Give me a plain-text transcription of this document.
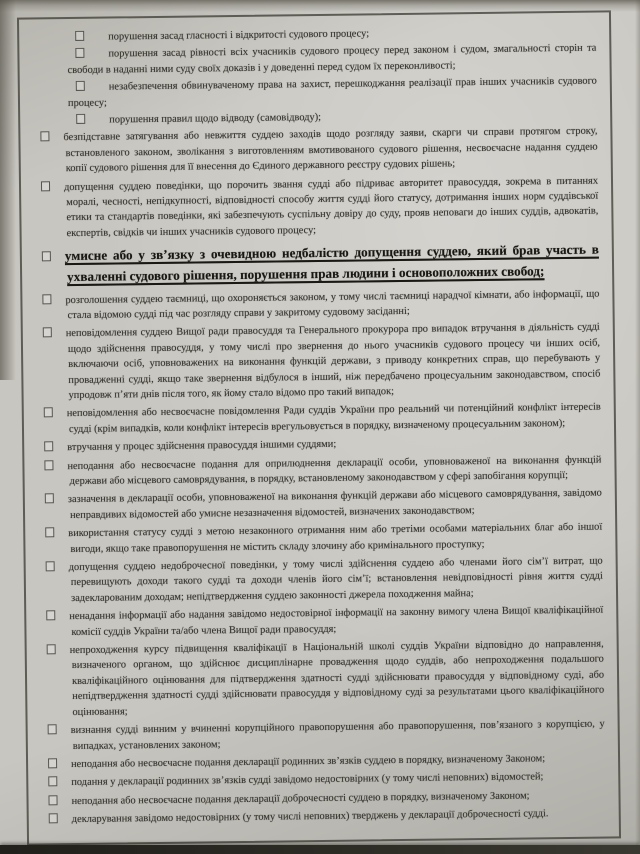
порушення засад гласності і відкритості судового процесу;
порушення засад рівності всіх учасників судового процесу перед законом і судом, змагальності сторін та свободи в наданні ними суду своїх доказів і у доведенні перед судом їх переконливості;
незабезпечення обвинуваченому права на захист, перешкоджання реалізації прав інших учасників судового процесу;
порушення правил щодо відводу (самовідводу);
безпідставне затягування або невжиття суддею заходів щодо розгляду заяви, скарги чи справи протягом строку, встановленого законом, зволікання з виготовленням вмотивованого судового рішення, несвоєчасне надання суддею копії судового рішення для її внесення до Єдиного державного реєстру судових рішень;
допущення суддею поведінки, що порочить звання судді або підриває авторитет правосуддя, зокрема в питаннях моралі, чесності, непідкупності, відповідності способу життя судді його статусу, дотримання інших норм суддівської етики та стандартів поведінки, які забезпечують суспільну довіру до суду, прояв неповаги до інших суддів, адвокатів, експертів, свідків чи інших учасників судового процесу;
умисне або у зв’язку з очевидною недбалістю допущення суддею, який брав участь в ухваленні судового рішення, порушення прав людини і основоположних свобод;
розголошення суддею таємниці, що охороняється законом, у тому числі таємниці нарадчої кімнати, або інформації, що стала відомою судді під час розгляду справи у закритому судовому засіданні;
неповідомлення суддею Вищої ради правосуддя та Генерального прокурора про випадок втручання в діяльність судді щодо здійснення правосуддя, у тому числі про звернення до нього учасників судового процесу чи інших осіб, включаючи осіб, уповноважених на виконання функцій держави, з приводу конкретних справ, що перебувають у провадженні судді, якщо таке звернення відбулося в інший, ніж передбачено процесуальним законодавством, спосіб упродовж п’яти днів після того, як йому стало відомо про такий випадок;
неповідомлення або несвоєчасне повідомлення Ради суддів України про реальний чи потенційний конфлікт інтересів судді (крім випадків, коли конфлікт інтересів врегульовується в порядку, визначеному процесуальним законом);
втручання у процес здійснення правосуддя іншими суддями;
неподання або несвоєчасне подання для оприлюднення декларації особи, уповноваженої на виконання функцій держави або місцевого самоврядування, в порядку, встановленому законодавством у сфері запобігання корупції;
зазначення в декларації особи, уповноваженої на виконання функцій держави або місцевого самоврядування, завідомо неправдивих відомостей або умисне незазначення відомостей, визначених законодавством;
використання статусу судді з метою незаконного отримання ним або третіми особами матеріальних благ або іншої вигоди, якщо таке правопорушення не містить складу злочину або кримінального проступку;
допущення суддею недоброчесної поведінки, у тому числі здійснення суддею або членами його сім’ї витрат, що перевищують доходи такого судді та доходи членів його сім’ї; встановлення невідповідності рівня життя судді задекларованим доходам; непідтвердження суддею законності джерела походження майна;
ненадання інформації або надання завідомо недостовірної інформації на законну вимогу члена Вищої кваліфікаційної комісії суддів України та/або члена Вищої ради правосуддя;
непроходження курсу підвищення кваліфікації в Національній школі суддів України відповідно до направлення, визначеного органом, що здійснює дисциплінарне провадження щодо суддів, або непроходження подальшого кваліфікаційного оцінювання для підтвердження здатності судді здійснювати правосуддя у відповідному суді, або непідтвердження здатності судді здійснювати правосуддя у відповідному суді за результатами цього кваліфікаційного оцінювання;
визнання судді винним у вчиненні корупційного правопорушення або правопорушення, пов’язаного з корупцією, у випадках, установлених законом;
неподання або несвоєчасне подання декларації родинних зв’язків суддею в порядку, визначеному Законом;
подання у декларації родинних зв’язків судді завідомо недостовірних (у тому числі неповних) відомостей;
неподання або несвоєчасне подання декларації доброчесності суддею в порядку, визначеному Законом;
декларування завідомо недостовірних (у тому числі неповних) тверджень у декларації доброчесності судді.
